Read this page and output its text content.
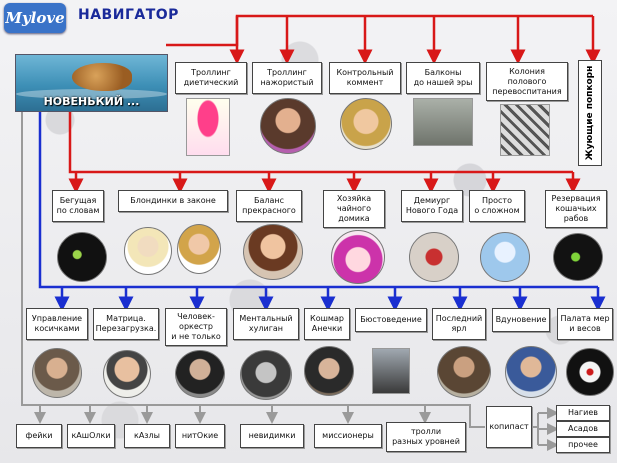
Mylove НАВИГАТОР
НОВЕНЬКИЙ ...
Троллинг
диетический
Троллинг
нажористый
Контрольный
коммент
Балконы
до нашей эры
Колония
полового
перевоспитания	Жующие попкорн
Бегущая
по словам
Блондинки в законе	Баланс
прекрасного
Хозяйка
чайного
домика
Демиург
Нового Года
Просто
о сложном
Резервация
кошачьих
рабов
Управление
косичками
Матрица.
Перезагрузка.
Человек-
оркестр
и не только
Ментальный
хулиган
Кошмар
Анечки
Бюстоведение	Последний
ярл
Вдуновение	Палата мер
и весов
фейки	кАшОлки	кАзлы	нитОкие	невидимки	миссионеры	тролли
разных уровней
копипаст
Нагиев
Асадов
прочее
